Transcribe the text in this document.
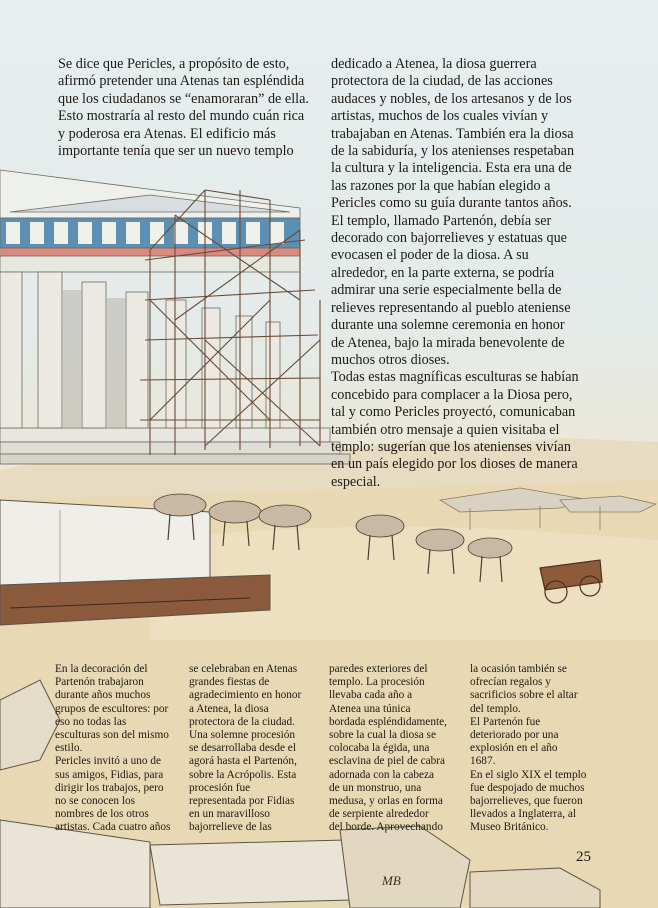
Se dice que Pericles, a propósito de esto,
afirmó pretender una Atenas tan espléndida
que los ciudadanos se “enamoraran” de ella.
Esto mostraría al resto del mundo cuán rica
y poderosa era Atenas. El edificio más
importante tenía que ser un nuevo templo

dedicado a Atenea, la diosa guerrera
protectora de la ciudad, de las acciones
audaces y nobles, de los artesanos y de los
artistas, muchos de los cuales vivían y
trabajaban en Atenas. También era la diosa
de la sabiduría, y los atenienses respetaban
la cultura y la inteligencia. Esta era una de
las razones por la que habían elegido a
Pericles como su guía durante tantos años.
El templo, llamado Partenón, debía ser
decorado con bajorrelieves y estatuas que
evocasen el poder de la diosa. A su
alrededor, en la parte externa, se podría
admirar una serie especialmente bella de
relieves representando al pueblo ateniense
durante una solemne ceremonia en honor
de Atenea, bajo la mirada benevolente de
muchos otros dioses.
Todas estas magníficas esculturas se habían
concebido para complacer a la Diosa pero,
tal y como Pericles proyectó, comunicaban
también otro mensaje a quien visitaba el
templo: sugerían que los atenienses vivían
en un país elegido por los dioses de manera
especial.

En la decoración del
Partenón trabajaron
durante años muchos
grupos de escultores: por
eso no todas las
esculturas son del mismo
estilo.
Pericles invitó a uno de
sus amigos, Fidias, para
dirigir los trabajos, pero
no se conocen los
nombres de los otros
artistas. Cada cuatro años

se celebraban en Atenas
grandes fiestas de
agradecimiento en honor
a Atenea, la diosa
protectora de la ciudad.
Una solemne procesión
se desarrollaba desde el
agorá hasta el Partenón,
sobre la Acrópolis. Esta
procesión fue
representada por Fidias
en un maravilloso
bajorrelieve de las

paredes exteriores del
templo. La procesión
llevaba cada año a
Atenea una túnica
bordada espléndidamente,
sobre la cual la diosa se
colocaba la égida, una
esclavina de piel de cabra
adornada con la cabeza
de un monstruo, una
medusa, y orlas en forma
de serpiente alrededor
del borde. Aprovechando

la ocasión también se
ofrecían regalos y
sacrificios sobre el altar
del templo.
El Partenón fue
deteriorado por una
explosión en el año
1687.
En el siglo XIX el templo
fue despojado de muchos
bajorrelieves, que fueron
llevados a Inglaterra, al
Museo Británico.

25
MB
